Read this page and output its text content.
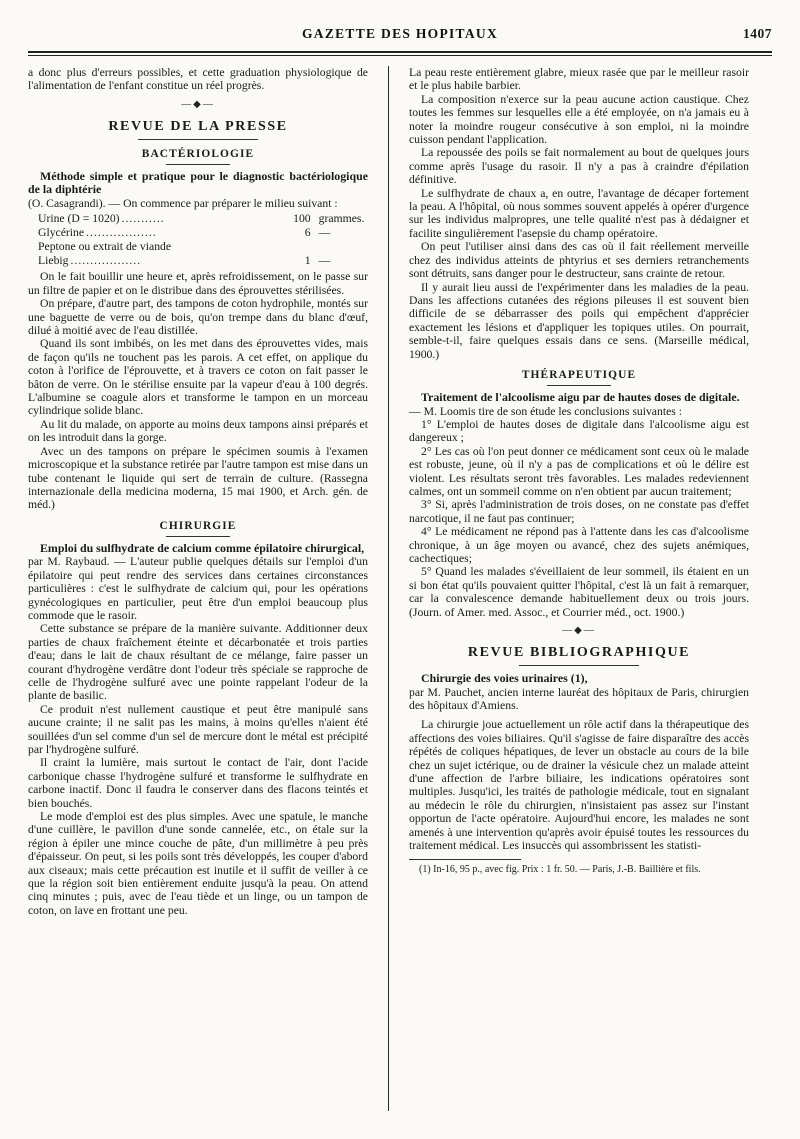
GAZETTE DES HOPITAUX	1407

a donc plus d'erreurs possibles, et cette graduation physiologique de l'alimentation de l'enfant constitue un réel progrès.

—◆—
REVUE DE LA PRESSE
BACTÉRIOLOGIE

Méthode simple et pratique pour le diagnostic bactériologique de la diphtérie

(O. Casagrandi). — On commence par préparer le milieu suivant :

Urine (D = 1020) ...........	100	grammes.
Glycérine ..................	6	—
Peptone ou extrait de viande		
Liebig ..................	1	—

On le fait bouillir une heure et, après refroidissement, on le passe sur un filtre de papier et on le distribue dans des éprouvettes stérilisées.

On prépare, d'autre part, des tampons de coton hydrophile, montés sur une baguette de verre ou de bois, qu'on trempe dans du blanc d'œuf, dilué à moitié avec de l'eau distillée.

Quand ils sont imbibés, on les met dans des éprouvettes vides, mais de façon qu'ils ne touchent pas les parois. A cet effet, on applique du coton à l'orifice de l'éprouvette, et à travers ce coton on fait passer le bâton de verre. On le stérilise ensuite par la vapeur d'eau à 100 degrés. L'albumine se coagule alors et transforme le tampon en un morceau cylindrique solide blanc.

Au lit du malade, on apporte au moins deux tampons ainsi préparés et on les introduit dans la gorge.

Avec un des tampons on prépare le spécimen soumis à l'examen microscopique et la substance retirée par l'autre tampon est mise dans un tube contenant le liquide qui sert de terrain de culture. (Rassegna internazionale della medicina moderna, 15 mai 1900, et Arch. gén. de méd.)

CHIRURGIE

Emploi du sulfhydrate de calcium comme épilatoire chirurgical,

par M. Raybaud. — L'auteur publie quelques détails sur l'emploi d'un épilatoire qui peut rendre des services dans certaines circonstances particulières : c'est le sulfhydrate de calcium qui, pour les opérations gynécologiques en particulier, peut être d'un emploi beaucoup plus commode que le rasoir.

Cette substance se prépare de la manière suivante. Additionner deux parties de chaux fraîchement éteinte et décarbonatée et trois parties d'eau; dans le lait de chaux résultant de ce mélange, faire passer un courant d'hydrogène verdâtre dont l'odeur très spéciale se rapproche de celle de l'hydrogène sulfuré avec une pointe rappelant l'odeur de la plante de basilic.

Ce produit n'est nullement caustique et peut être manipulé sans aucune crainte; il ne salit pas les mains, à moins qu'elles n'aient été souillées d'un sel comme d'un sel de mercure dont le métal est précipité par l'hydrogène sulfuré.

Il craint la lumière, mais surtout le contact de l'air, dont l'acide carbonique chasse l'hydrogène sulfuré et transforme le sulfhydrate en carbone inactif. Donc il faudra le conserver dans des flacons teintés et bien bouchés.

Le mode d'emploi est des plus simples. Avec une spatule, le manche d'une cuillère, le pavillon d'une sonde cannelée, etc., on étale sur la région à épiler une mince couche de pâte, d'un millimètre à peu près d'épaisseur. On peut, si les poils sont très développés, les couper d'abord aux ciseaux; mais cette précaution est inutile et il suffit de veiller à ce que la région soit bien entièrement enduite jusqu'à la peau. On attend cinq minutes ; puis, avec de l'eau tiède et un linge, ou un tampon de coton, on lave en frottant une peu.

La peau reste entièrement glabre, mieux rasée que par le meilleur rasoir et le plus habile barbier.

La composition n'exerce sur la peau aucune action caustique. Chez toutes les femmes sur lesquelles elle a été employée, on n'a jamais eu à noter la moindre rougeur consécutive à son emploi, ni la moindre cuisson pendant l'application.

La repoussée des poils se fait normalement au bout de quelques jours comme après l'usage du rasoir. Il n'y a pas à craindre d'épilation définitive.

Le sulfhydrate de chaux a, en outre, l'avantage de décaper fortement la peau. A l'hôpital, où nous sommes souvent appelés à opérer d'urgence sur les individus malpropres, une telle qualité n'est pas à dédaigner et facilite singulièrement l'asepsie du champ opératoire.

On peut l'utiliser ainsi dans des cas où il fait réellement merveille chez des individus atteints de phtyrius et ses derniers retranchements sont détruits, sans danger pour le destructeur, sans crainte de retour.

Il y aurait lieu aussi de l'expérimenter dans les maladies de la peau. Dans les affections cutanées des régions pileuses il est souvent bien difficile de se débarrasser des poils qui empêchent d'apprécier exactement les lésions et d'appliquer les topiques utiles. On pourrait, semble-t-il, faire quelques essais dans ce sens. (Marseille médical, 1900.)

THÉRAPEUTIQUE

Traitement de l'alcoolisme aigu par de hautes doses de digitale.

— M. Loomis tire de son étude les conclusions suivantes :

1° L'emploi de hautes doses de digitale dans l'alcoolisme aigu est dangereux ;

2° Les cas où l'on peut donner ce médicament sont ceux où le malade est robuste, jeune, où il n'y a pas de complications et où le délire est violent. Les résultats seront très favorables. Les malades redeviennent calmes, ont un sommeil comme on n'en obtient par aucun traitement;

3° Si, après l'administration de trois doses, on ne constate pas d'effet narcotique, il ne faut pas continuer;

4° Le médicament ne répond pas à l'attente dans les cas d'alcoolisme chronique, à un âge moyen ou avancé, chez des sujets anémiques, cachectiques;

5° Quand les malades s'éveillaient de leur sommeil, ils étaient en un si bon état qu'ils pouvaient quitter l'hôpital, c'est là un fait à remarquer, car la convalescence demande habituellement deux ou trois jours. (Journ. of Amer. med. Assoc., et Courrier méd., oct. 1900.)

—◆—
REVUE BIBLIOGRAPHIQUE

Chirurgie des voies urinaires (1),

par M. Pauchet, ancien interne lauréat des hôpitaux de Paris, chirurgien des hôpitaux d'Amiens.

La chirurgie joue actuellement un rôle actif dans la thérapeutique des affections des voies biliaires. Qu'il s'agisse de faire disparaître des accès répétés de coliques hépatiques, de lever un obstacle au cours de la bile chez un sujet ictérique, ou de drainer la vésicule chez un malade atteint d'une affection de l'arbre biliaire, les indications opératoires sont multiples. Jusqu'ici, les traités de pathologie médicale, tout en signalant au médecin le rôle du chirurgien, n'insistaient pas assez sur l'instant opportun de l'acte opératoire. Aujourd'hui encore, les malades ne sont amenés à une intervention qu'après avoir épuisé toutes les ressources du traitement médical. Les insuccès qui assombrissent les statisti-

(1) In-16, 95 p., avec fig. Prix : 1 fr. 50. — Paris, J.-B. Baillière et fils.
